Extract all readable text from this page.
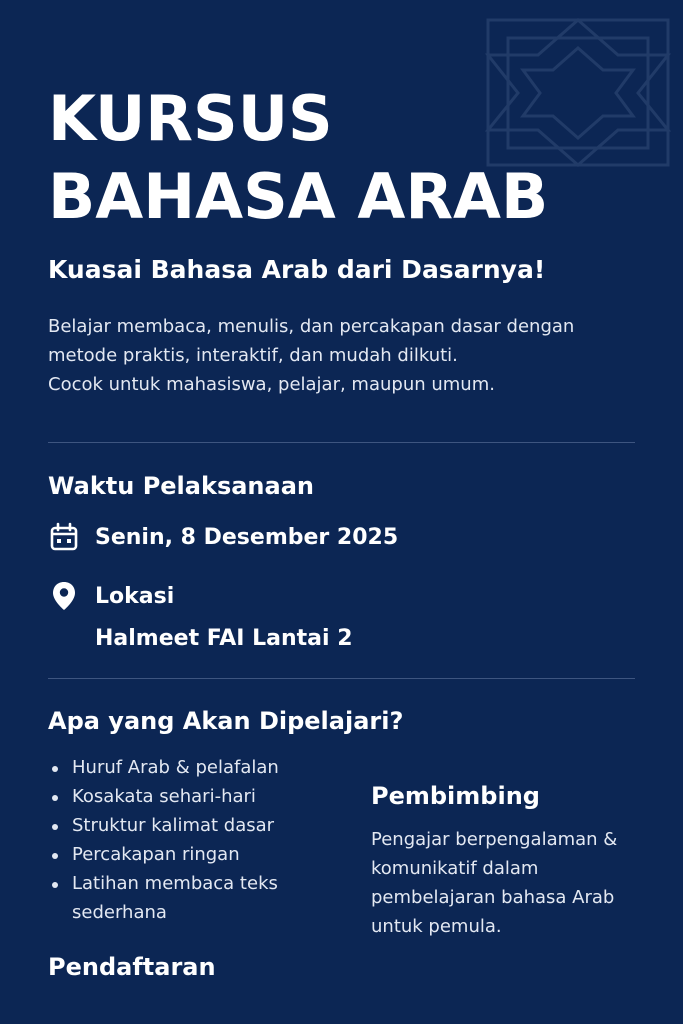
KURSUS
BAHASA ARAB
Kuasai Bahasa Arab dari Dasarnya!
Belajar membaca, menulis, dan percakapan dasar dengan
metode praktis, interaktif, dan mudah dilkuti.
Cocok untuk mahasiswa, pelajar, maupun umum.
Waktu Pelaksanaan
Senin, 8 Desember 2025
Lokasi
Halmeet FAI Lantai 2
Apa yang Akan Dipelajari?
Huruf Arab & pelafalan
Kosakata sehari-hari
Struktur kalimat dasar
Percakapan ringan
Latihan membaca teks sederhana
Pembimbing
Pengajar berpengalaman &
komunikatif dalam
pembelajaran bahasa Arab
untuk pemula.
Pendaftaran
